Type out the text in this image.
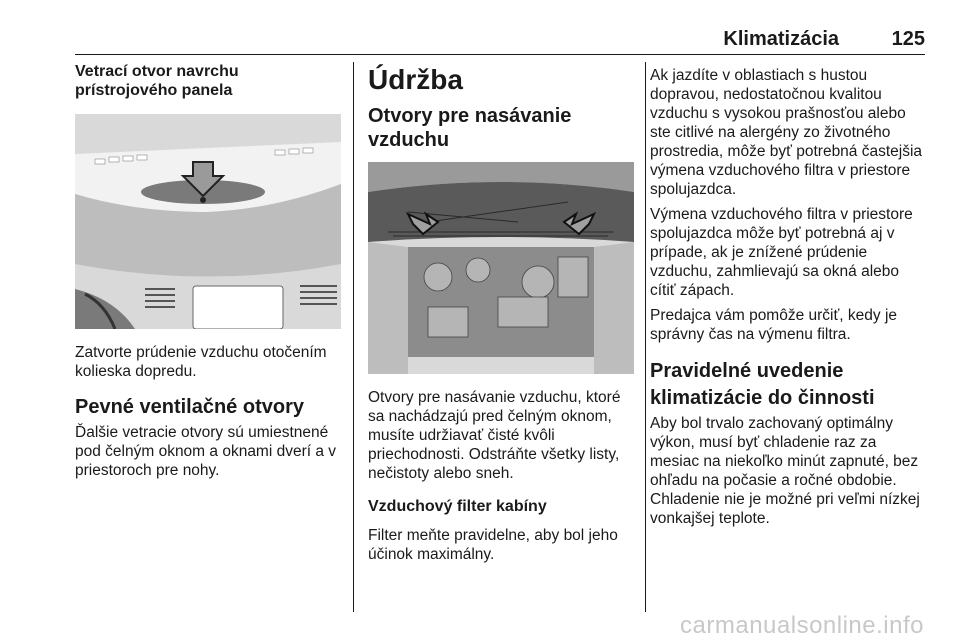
Klimatizácia	125
Vetrací otvor navrchu prístrojového panela

Zatvorte prúdenie vzduchu otočením kolieska dopredu.

Pevné ventilačné otvory

Ďalšie vetracie otvory sú umiestnené pod čelným oknom a oknami dverí a v priestoroch pre nohy.

Údržba
Otvory pre nasávanie vzduchu

Otvory pre nasávanie vzduchu, ktoré sa nachádzajú pred čelným oknom, musíte udržiavať čisté kvôli priechodnosti. Odstráňte všetky listy, nečistoty alebo sneh.

Vzduchový filter kabíny

Filter meňte pravidelne, aby bol jeho účinok maximálny.

Ak jazdíte v oblastiach s hustou dopravou, nedostatočnou kvalitou vzduchu s vysokou prašnosťou alebo ste citlivé na alergény zo životného prostredia, môže byť potrebná častejšia výmena vzduchového filtra v priestore spolujazdca.

Výmena vzduchového filtra v priestore spolujazdca môže byť potrebná aj v prípade, ak je znížené prúdenie vzduchu, zahmlievajú sa okná alebo cítiť zápach.

Predajca vám pomôže určiť, kedy je správny čas na výmenu filtra.

Pravidelné uvedenie klimatizácie do činnosti

Aby bol trvalo zachovaný optimálny výkon, musí byť chladenie raz za mesiac na niekoľko minút zapnuté, bez ohľadu na počasie a ročné obdobie. Chladenie nie je možné pri veľmi nízkej vonkajšej teplote.

carmanualsonline.info
